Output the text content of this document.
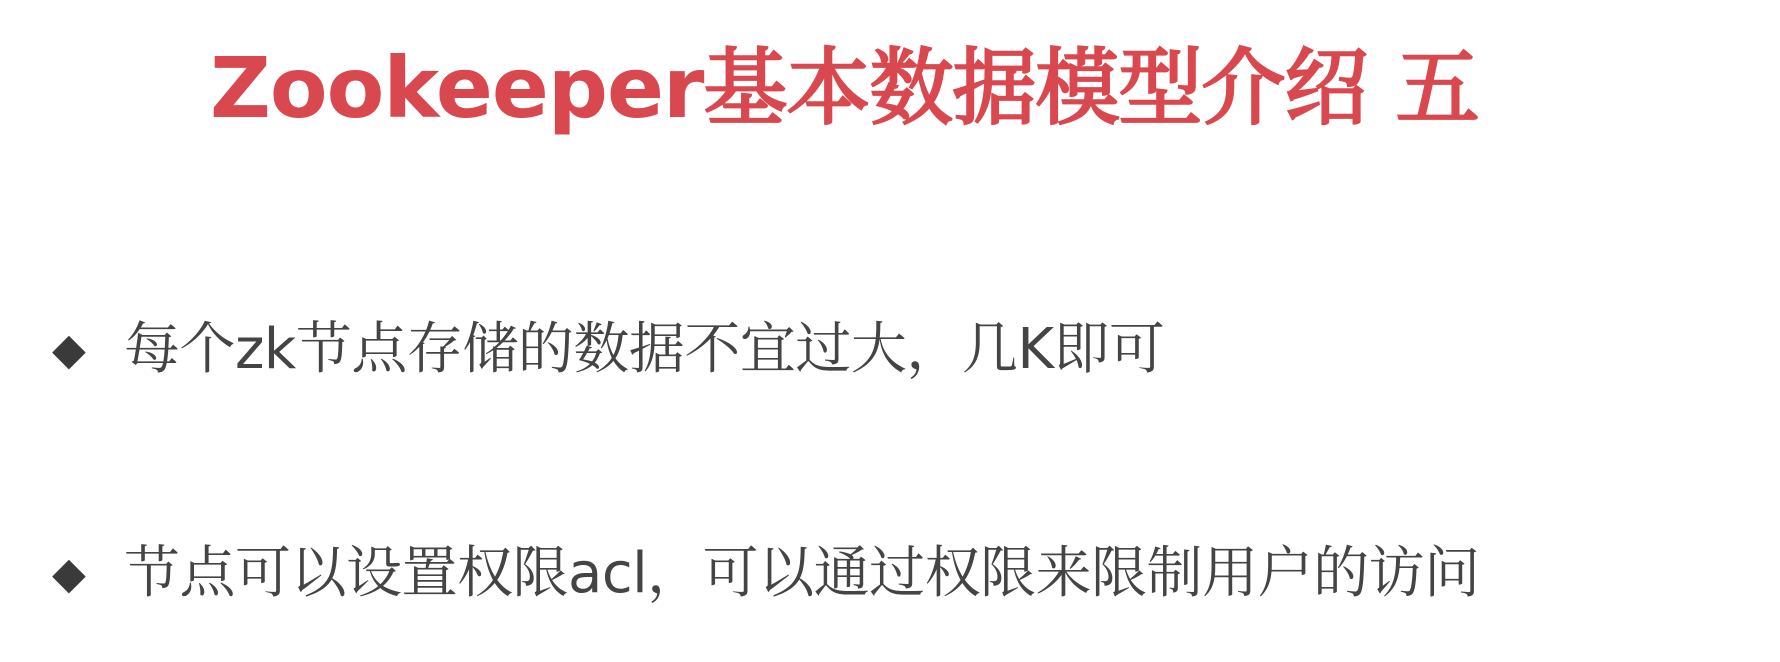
Zookeeper基本数据模型介绍 五
◆ 每个zk节点存储的数据不宜过大，几K即可
◆ 节点可以设置权限acl，可以通过权限来限制用户的访问
